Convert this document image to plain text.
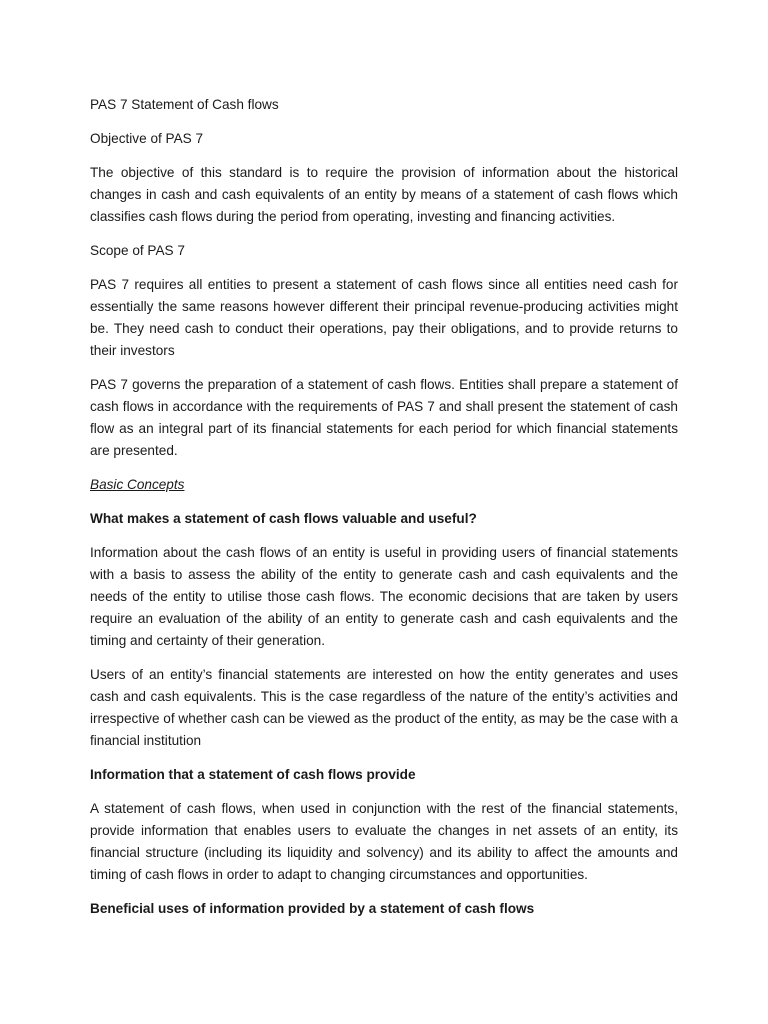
PAS 7 Statement of Cash flows

Objective of PAS 7

The objective of this standard is to require the provision of information about the historical changes in cash and cash equivalents of an entity by means of a statement of cash flows which classifies cash flows during the period from operating, investing and financing activities.

Scope of PAS 7

PAS 7 requires all entities to present a statement of cash flows since all entities need cash for essentially the same reasons however different their principal revenue-producing activities might be. They need cash to conduct their operations, pay their obligations, and to provide returns to their investors

PAS 7 governs the preparation of a statement of cash flows. Entities shall prepare a statement of cash flows in accordance with the requirements of PAS 7 and shall present the statement of cash flow as an integral part of its financial statements for each period for which financial statements are presented.

Basic Concepts

What makes a statement of cash flows valuable and useful?

Information about the cash flows of an entity is useful in providing users of financial statements with a basis to assess the ability of the entity to generate cash and cash equivalents and the needs of the entity to utilise those cash flows. The economic decisions that are taken by users require an evaluation of the ability of an entity to generate cash and cash equivalents and the timing and certainty of their generation.

Users of an entity’s financial statements are interested on how the entity generates and uses cash and cash equivalents. This is the case regardless of the nature of the entity’s activities and irrespective of whether cash can be viewed as the product of the entity, as may be the case with a financial institution

Information that a statement of cash flows provide

A statement of cash flows, when used in conjunction with the rest of the financial statements, provide information that enables users to evaluate the changes in net assets of an entity, its financial structure (including its liquidity and solvency) and its ability to affect the amounts and timing of cash flows in order to adapt to changing circumstances and opportunities.

Beneficial uses of information provided by a statement of cash flows
